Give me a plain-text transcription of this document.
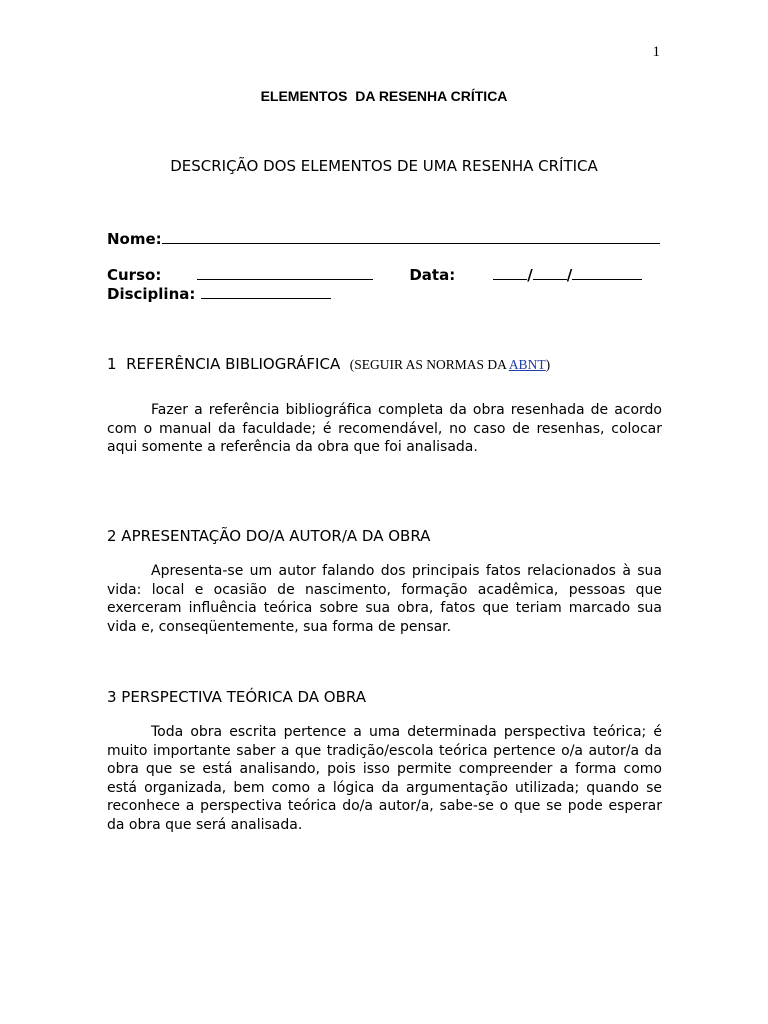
1
ELEMENTOS  DA RESENHA CRÍTICA
DESCRIÇÃO DOS ELEMENTOS DE UMA RESENHA CRÍTICA
Nome:
Curso:	Data:	/ /
Disciplina:
1  REFERÊNCIA BIBLIOGRÁFICA (SEGUIR AS NORMAS DA ABNT)

Fazer a referência bibliográfica completa da obra resenhada de acordo com o manual da faculdade; é recomendável, no caso de resenhas, colocar aqui somente a referência da obra que foi analisada.

2 APRESENTAÇÃO DO/A AUTOR/A DA OBRA

Apresenta-se um autor falando dos principais fatos relacionados à sua vida: local e ocasião de nascimento, formação acadêmica, pessoas que exerceram influência teórica sobre sua obra, fatos que teriam marcado sua vida e, conseqüentemente, sua forma de pensar.

3 PERSPECTIVA TEÓRICA DA OBRA

Toda obra escrita pertence a uma determinada perspectiva teórica; é muito importante saber a que tradição/escola teórica pertence o/a autor/a da obra que se está analisando, pois isso permite compreender a forma como está organizada, bem como a lógica da argumentação utilizada; quando se reconhece a perspectiva teórica do/a autor/a, sabe-se o que se pode esperar da obra que será analisada.
